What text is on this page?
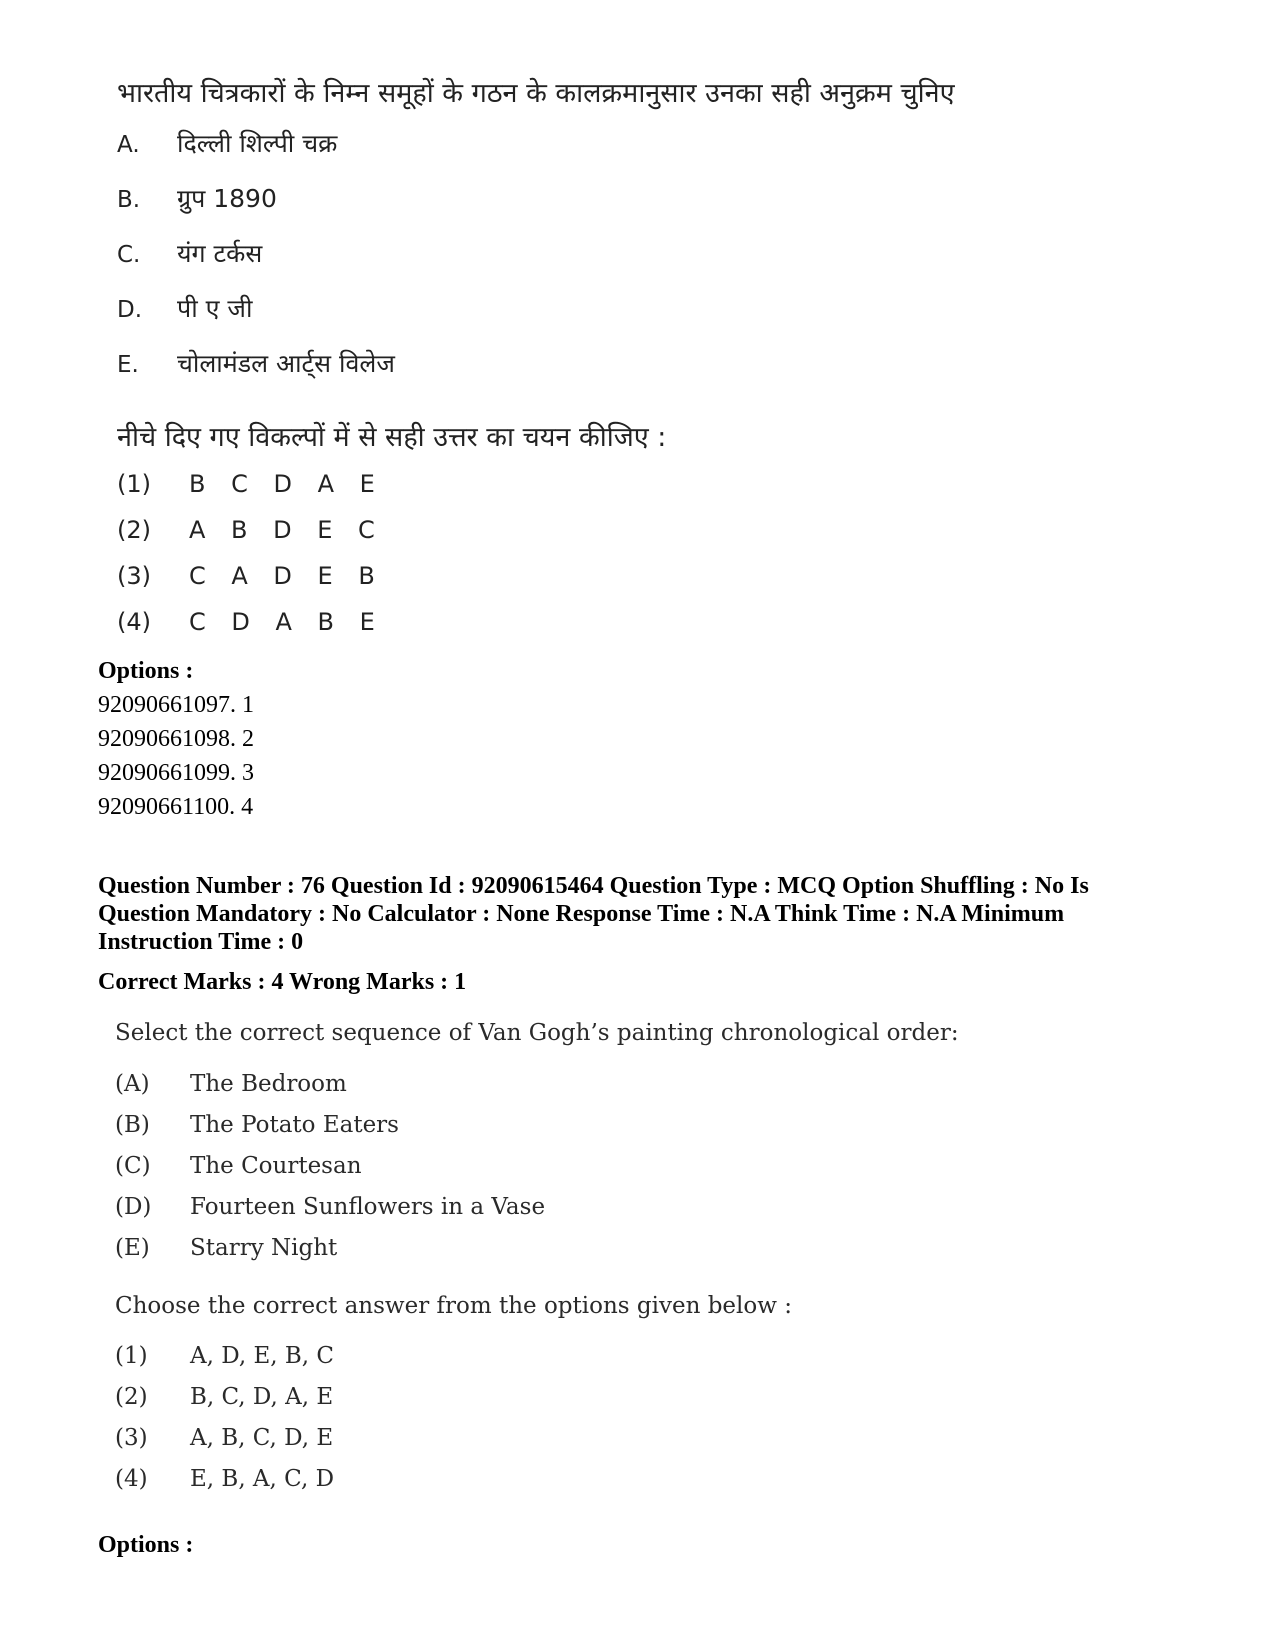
भारतीय चित्रकारों के निम्न समूहों के गठन के कालक्रमानुसार उनका सही अनुक्रम चुनिए
A. दिल्ली शिल्पी चक्र
B. ग्रुप 1890
C. यंग टर्कस
D. पी ए जी
E. चोलामंडल आर्ट्स विलेज
नीचे दिए गए विकल्पों में से सही उत्तर का चयन कीजिए :
(1) B C D A E
(2) A B D E C
(3) C A D E B
(4) C D A B E
Options :
92090661097. 1
92090661098. 2
92090661099. 3
92090661100. 4
Question Number : 76 Question Id : 92090615464 Question Type : MCQ Option Shuffling : No Is Question Mandatory : No Calculator : None Response Time : N.A Think Time : N.A Minimum Instruction Time : 0
Correct Marks : 4 Wrong Marks : 1
Select the correct sequence of Van Gogh’s painting chronological order:
(A) The Bedroom
(B) The Potato Eaters
(C) The Courtesan
(D) Fourteen Sunflowers in a Vase
(E) Starry Night
Choose the correct answer from the options given below :
(1) A, D, E, B, C
(2) B, C, D, A, E
(3) A, B, C, D, E
(4) E, B, A, C, D
Options :
